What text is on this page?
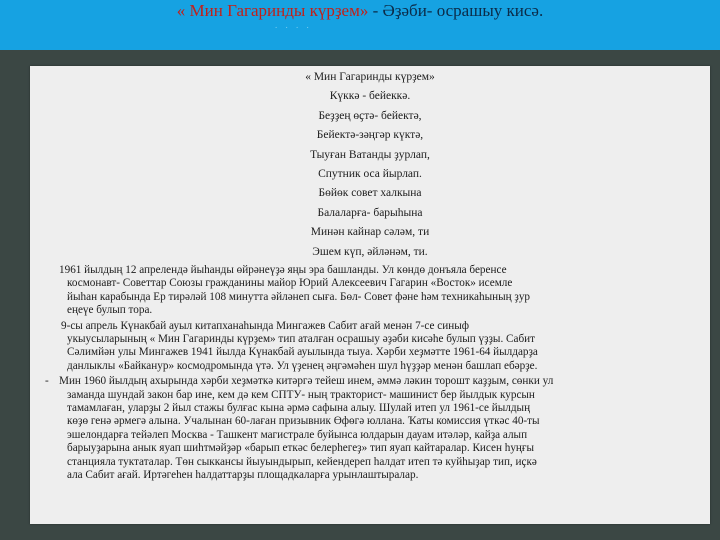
« Мин Гагаринды күрҙем» - Әҙәби- осрашыу кисә.
. . . .
« Мин Гагаринды күрҙем»
Күккә - бейеккә.
Беҙҙең өҫтә- бейектә,
Бейектә-зәңгәр күктә,
Тыуған Ватанды ҙурлап,
Спутник оса йырлап.
Бөйөк совет халкына
Балаларға- барыһына
Минән кайнар сәләм, ти
Эшем күп, әйләнәм, ти.
1961 йылдың 12 апрелендә йыһанды өйрәнеүҙә яңы эра башланды. Ул көндө донъяла беренсе
космонавт- Советтар Союзы гражданины майор Юрий Алексеевич Гагарин «Восток» исемле
йыһан карабында Ер тирәләй 108 минутта әйләнеп сыға. Бөл- Совет фәне һәм техникаһының ҙур
еңеүе булып тора.
9-сы апрель Күнакбай ауыл китапханаһында Мингажев Сабит ағай менән 7-се синыф
укыусыларының « Мин Гагаринды күрҙем» тип аталған осрашыу әҙәби кисәһе булып үҙҙы. Сабит
Сәлимйән улы Мингажев 1941 йылда Күнакбай ауылында тыуа. Хәрби хеҙмәтте 1961-64 йылдарҙа
данлыклы «Байканур» космодромында үтә. Ул үҙенең әңгәмәһен шул һүҙҙәр менән башлап ебәрҙе.
- Мин 1960 йылдың ахырында хәрби хеҙмәткә китәргә тейеш инем, әммә ләкин торошт каҙҙым, сөнки ул
заманда шундай закон бар ине, кем дә кем СПТУ- ның тракторист- машинист бер йылдык курсын
тамамлаған, уларҙы 2 йыл стажы булғас кына әрмә сафына алыу. Шулай итеп ул 1961-се йылдың
көҙө генә әрмегә алына. Учалынан 60-лаған призывник Өфөгә юллана. Ҡаты комиссия үткәс 40-ты
эшелондарға тейәлеп Москва - Ташкент магистрале буйынса юлдарын дауам итәләр, кайҙа алып
барыуҙарына анык яуап шиһтмәйҙәр «барып еткәс белерһегеҙ» тип яуап кайтаралар. Кисен һуңғы
станцияла туктаталар. Төн сыккансы йыуындырып, кейендереп һалдат итеп тә куйһыҙар тип, иҫкә
ала Сабит ағай. Иртәгеһен һалдаттарҙы площадкаларға урынлаштыралар.
